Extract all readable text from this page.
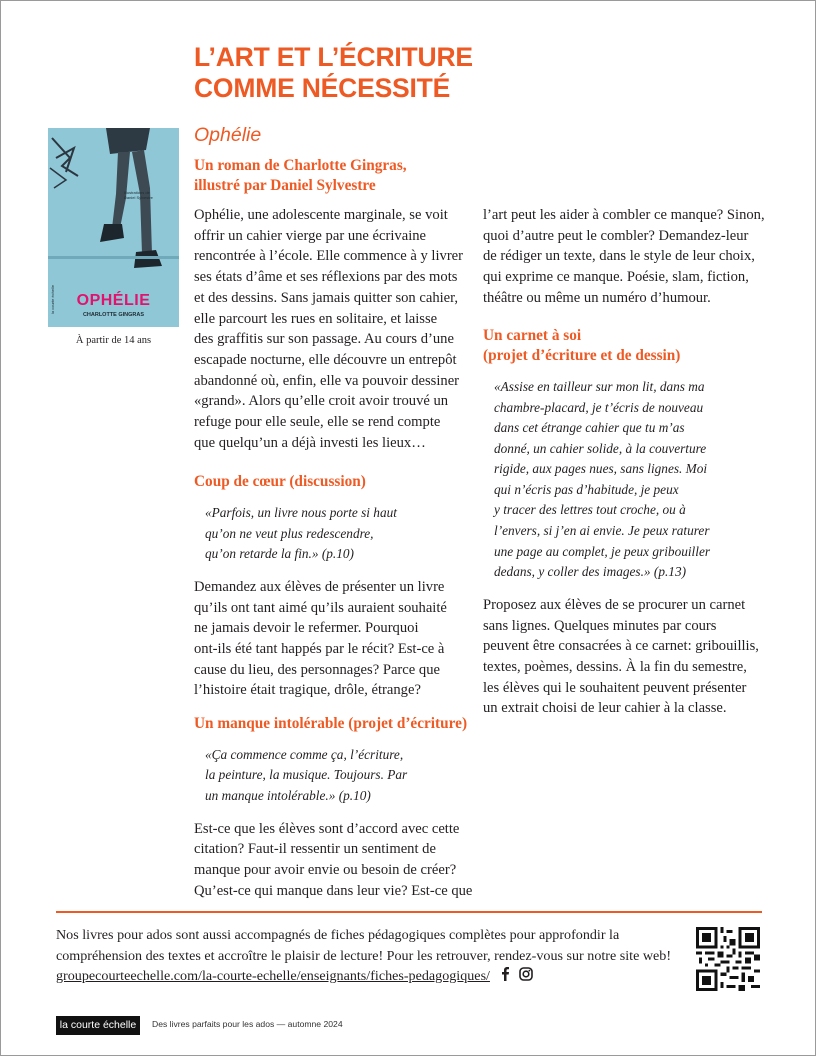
L’ART ET L’ÉCRITURE
COMME NÉCESSITÉ
Illustrations de
Daniel Sylvestre
OPHÉLIE
CHARLOTTE GINGRAS
la courte échelle
À partir de 14 ans
Ophélie
Un roman de Charlotte Gingras,
illustré par Daniel Sylvestre

Ophélie, une adolescente marginale, se voit
offrir un cahier vierge par une écrivaine
rencontrée à l’école. Elle commence à y livrer
ses états d’âme et ses réflexions par des mots
et des dessins. Sans jamais quitter son cahier,
elle parcourt les rues en solitaire, et laisse
des graffitis sur son passage. Au cours d’une
escapade nocturne, elle découvre un entrepôt
abandonné où, enfin, elle va pouvoir dessiner
«grand». Alors qu’elle croit avoir trouvé un
refuge pour elle seule, elle se rend compte
que quelqu’un a déjà investi les lieux…

Coup de cœur (discussion)

«Parfois, un livre nous porte si haut
qu’on ne veut plus redescendre,
qu’on retarde la fin.» (p.10)

Demandez aux élèves de présenter un livre
qu’ils ont tant aimé qu’ils auraient souhaité
ne jamais devoir le refermer. Pourquoi
ont-ils été tant happés par le récit? Est-ce à
cause du lieu, des personnages? Parce que
l’histoire était tragique, drôle, étrange?

Un manque intolérable (projet d’écriture)

«Ça commence comme ça, l’écriture,
la peinture, la musique. Toujours. Par
un manque intolérable.» (p.10)

Est-ce que les élèves sont d’accord avec cette
citation? Faut-il ressentir un sentiment de
manque pour avoir envie ou besoin de créer?
Qu’est-ce qui manque dans leur vie? Est-ce que

l’art peut les aider à combler ce manque? Sinon,
quoi d’autre peut le combler? Demandez-leur
de rédiger un texte, dans le style de leur choix,
qui exprime ce manque. Poésie, slam, fiction,
théâtre ou même un numéro d’humour.

Un carnet à soi
(projet d’écriture et de dessin)

«Assise en tailleur sur mon lit, dans ma
chambre-placard, je t’écris de nouveau
dans cet étrange cahier que tu m’as
donné, un cahier solide, à la couverture
rigide, aux pages nues, sans lignes. Moi
qui n’écris pas d’habitude, je peux
y tracer des lettres tout croche, ou à
l’envers, si j’en ai envie. Je peux raturer
une page au complet, je peux gribouiller
dedans, y coller des images.» (p.13)

Proposez aux élèves de se procurer un carnet
sans lignes. Quelques minutes par cours
peuvent être consacrées à ce carnet: gribouillis,
textes, poèmes, dessins. À la fin du semestre,
les élèves qui le souhaitent peuvent présenter
un extrait choisi de leur cahier à la classe.

Nos livres pour ados sont aussi accompagnés de fiches pédagogiques complètes pour approfondir la

compréhension des textes et accroître le plaisir de lecture! Pour les retrouver, rendez-vous sur notre site web!

groupecourteechelle.com/la-courte-echelle/enseignants/fiches-pedagogiques/

la courte échelle	Des livres parfaits pour les ados — automne 2024
